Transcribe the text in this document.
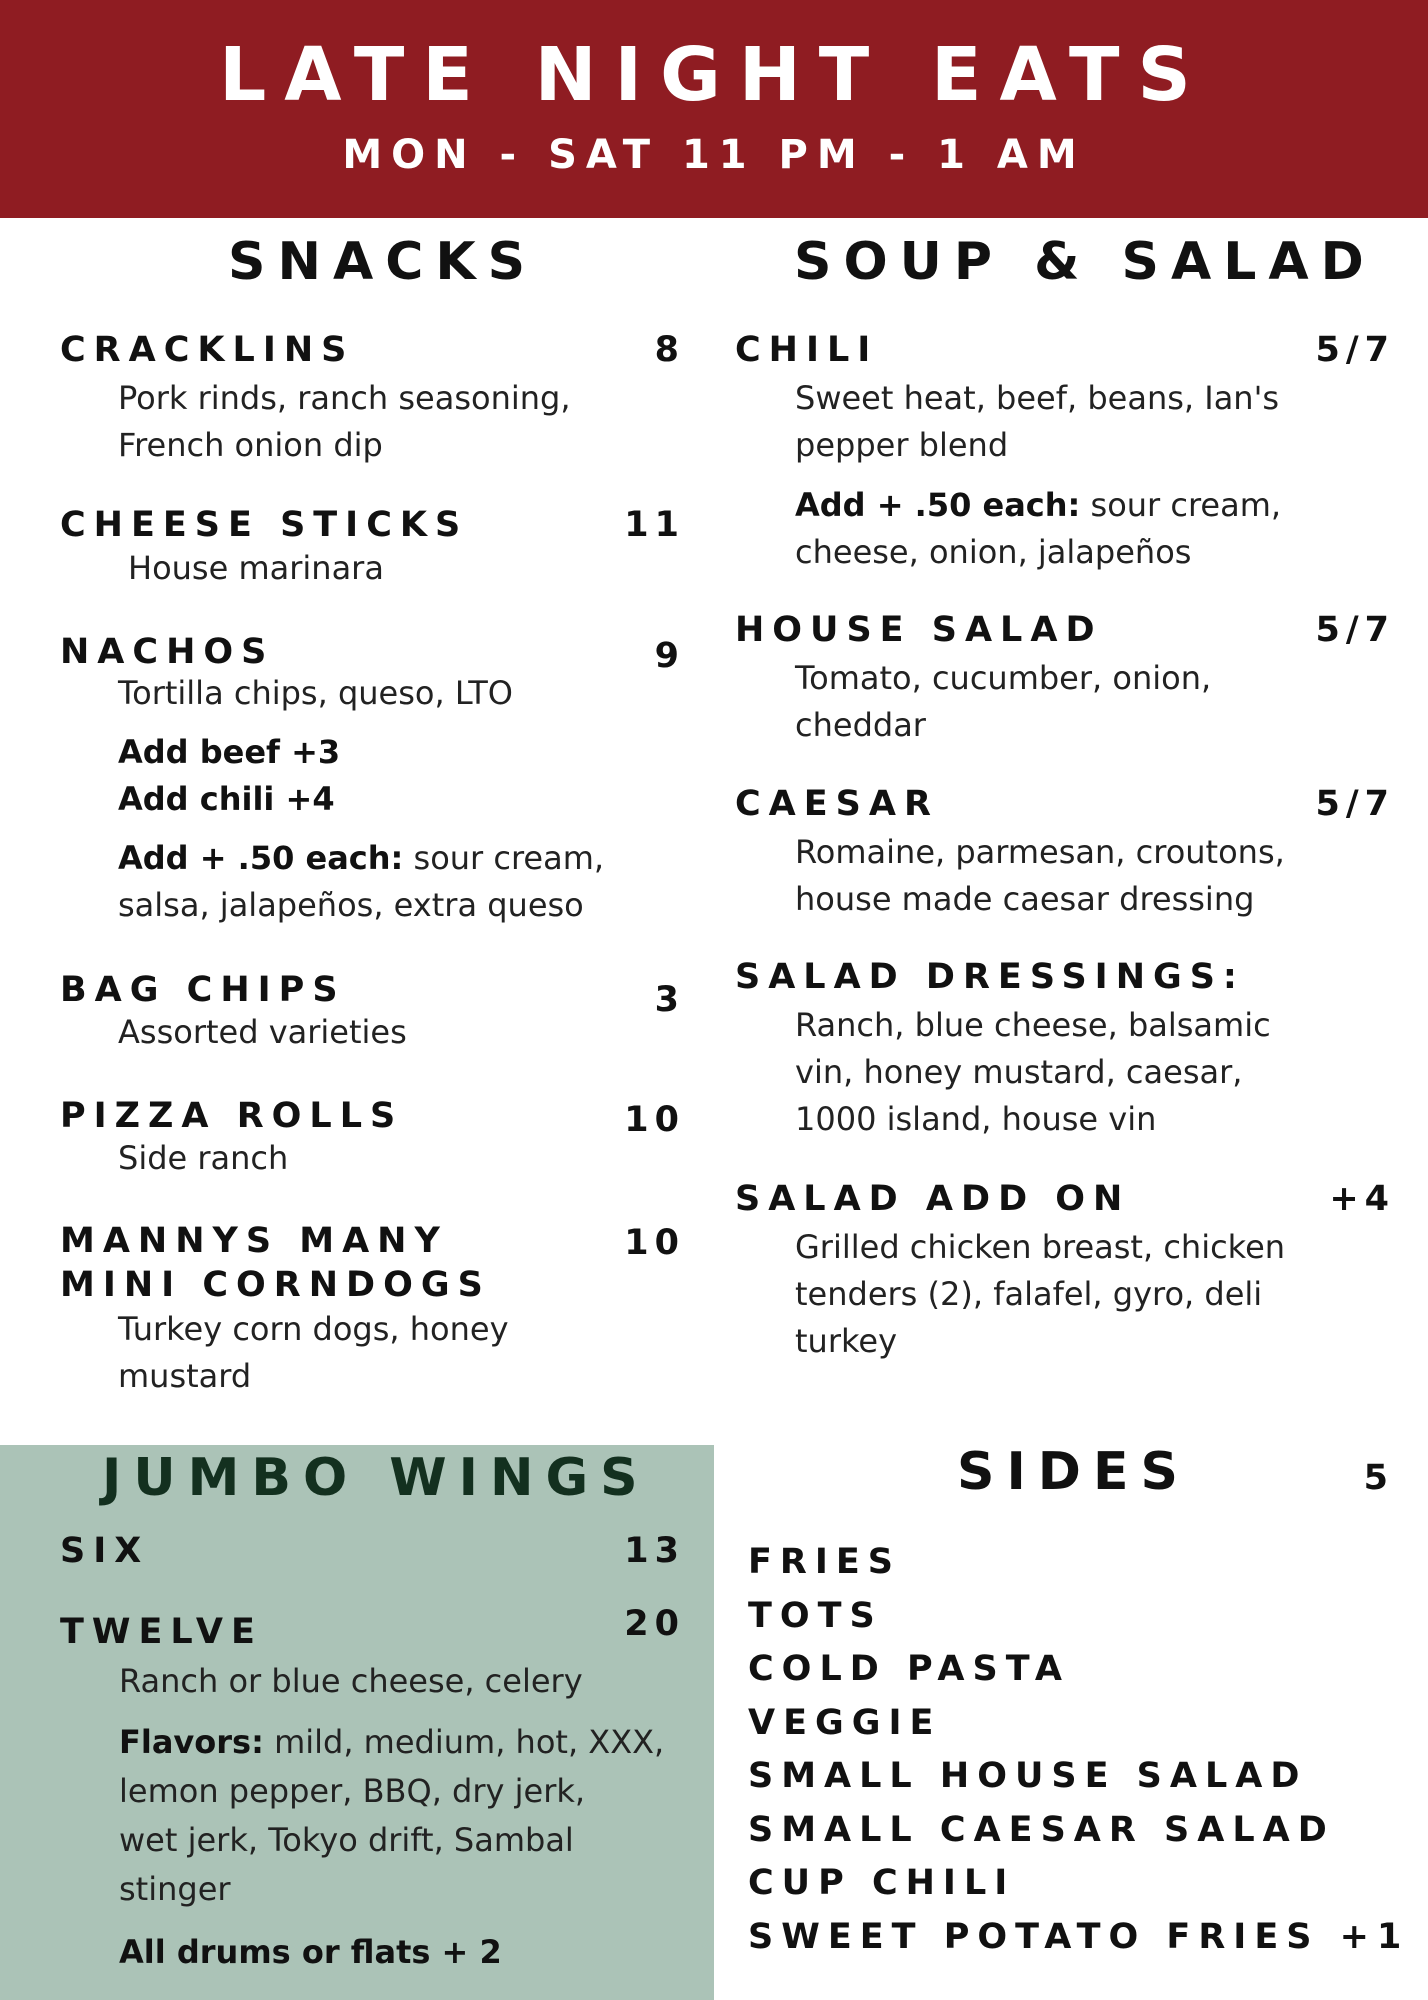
LATE NIGHT EATS
MON - SAT 11 PM - 1 AM
SNACKS
CRACKLINS	8
Pork rinds, ranch seasoning,
French onion dip
CHEESE STICKS	11
House marinara
NACHOS	9
Tortilla chips, queso, LTO
Add beef +3
Add chili +4
Add + .50 each: sour cream,
salsa, jalapeños, extra queso
BAG CHIPS	3
Assorted varieties
PIZZA ROLLS	10
Side ranch
MANNYS MANY
MINI CORNDOGS
10
Turkey corn dogs, honey
mustard
SOUP & SALAD
CHILI	5/7
Sweet heat, beef, beans, Ian's
pepper blend
Add + .50 each: sour cream,
cheese, onion, jalapeños
HOUSE SALAD	5/7
Tomato, cucumber, onion,
cheddar
CAESAR	5/7
Romaine, parmesan, croutons,
house made caesar dressing
SALAD DRESSINGS:
Ranch, blue cheese, balsamic
vin, honey mustard, caesar,
1000 island, house vin
SALAD ADD ON	+4
Grilled chicken breast, chicken
tenders (2), falafel, gyro, deli
turkey
JUMBO WINGS
SIX	13
TWELVE	20
Ranch or blue cheese, celery
Flavors: mild, medium, hot, XXX,
lemon pepper, BBQ, dry jerk,
wet jerk, Tokyo drift, Sambal
stinger
All drums or flats + 2
SIDES	5
FRIES
TOTS
COLD PASTA
VEGGIE
SMALL HOUSE SALAD
SMALL CAESAR SALAD
CUP CHILI
SWEET POTATO FRIES +1
